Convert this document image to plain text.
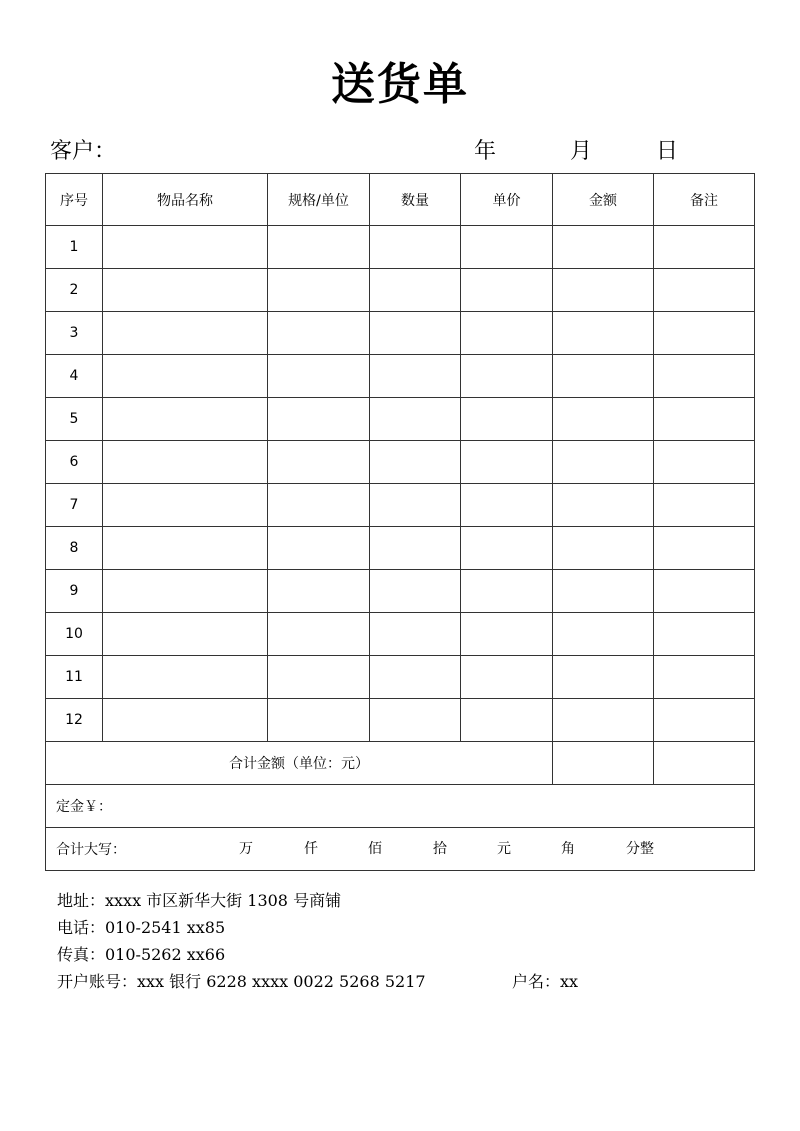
送货单
客户：	年	月	日
序号	物品名称	规格/单位	数量	单价	金额	备注
1						
2						
3						
4						
5						
6						
7						
8						
9						
10						
11						
12						
合计金额（单位：元）						
定金￥：						
合计大写：							万	仟	佰	拾	元	角	分整
地址：xxxx 市区新华大街 1308 号商铺
电话：010-2541 xx85
传真：010-5262 xx66
开户账号：xxx 银行 6228 xxxx 0022 5268 5217	户名：xx
